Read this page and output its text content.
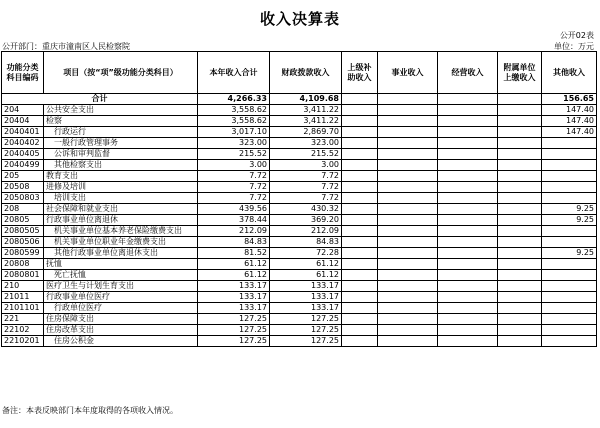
收入决算表
公开02表
公开部门：重庆市潼南区人民检察院	单位：万元
功能分类科目编码	项目（按“项”级功能分类科目）	本年收入合计	财政拨款收入	上级补助收入	事业收入	经营收入	附属单位上缴收入	其他收入
合计		4,266.33	4,109.68					156.65
204	公共安全支出	3,558.62	3,411.22					147.40
20404	检察	3,558.62	3,411.22					147.40
2040401	行政运行	3,017.10	2,869.70					147.40
2040402	一般行政管理事务	323.00	323.00					
2040405	公诉和审判监督	215.52	215.52					
2040499	其他检察支出	3.00	3.00					
205	教育支出	7.72	7.72					
20508	进修及培训	7.72	7.72					
2050803	培训支出	7.72	7.72					
208	社会保障和就业支出	439.56	430.32					9.25
20805	行政事业单位离退休	378.44	369.20					9.25
2080505	机关事业单位基本养老保险缴费支出	212.09	212.09					
2080506	机关事业单位职业年金缴费支出	84.83	84.83					
2080599	其他行政事业单位离退休支出	81.52	72.28					9.25
20808	抚恤	61.12	61.12					
2080801	死亡抚恤	61.12	61.12					
210	医疗卫生与计划生育支出	133.17	133.17					
21011	行政事业单位医疗	133.17	133.17					
2101101	行政单位医疗	133.17	133.17					
221	住房保障支出	127.25	127.25					
22102	住房改革支出	127.25	127.25					
2210201	住房公积金	127.25	127.25					
备注：本表反映部门本年度取得的各项收入情况。
